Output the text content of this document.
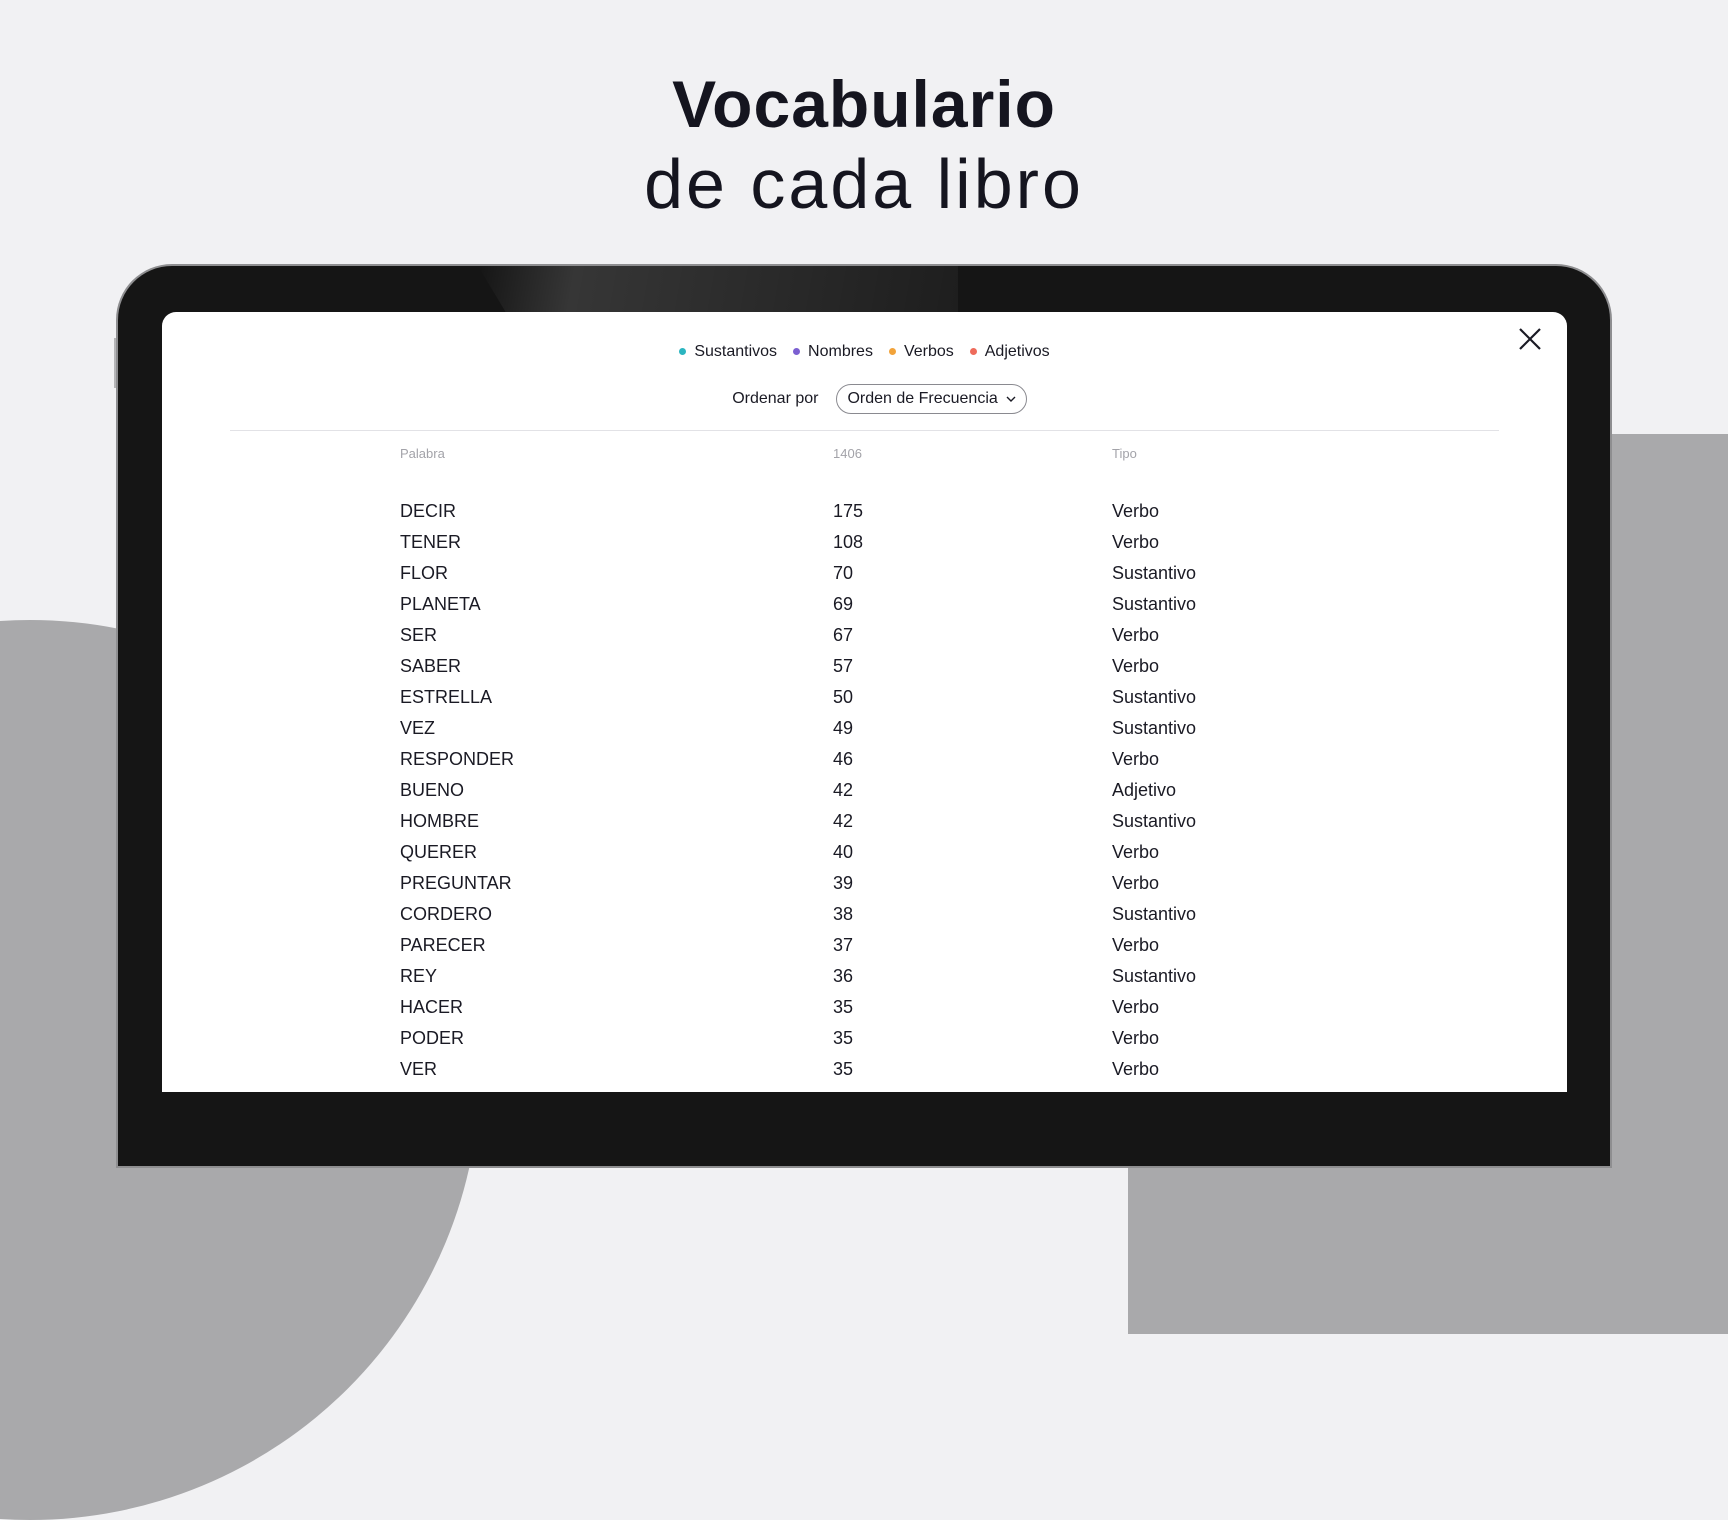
Vocabulario
de cada libro
Sustantivos Nombres Verbos Adjetivos
Ordenar por Orden de Frecuencia
Palabra	1406	Tipo
DECIR	175	Verbo
TENER	108	Verbo
FLOR	70	Sustantivo
PLANETA	69	Sustantivo
SER	67	Verbo
SABER	57	Verbo
ESTRELLA	50	Sustantivo
VEZ	49	Sustantivo
RESPONDER	46	Verbo
BUENO	42	Adjetivo
HOMBRE	42	Sustantivo
QUERER	40	Verbo
PREGUNTAR	39	Verbo
CORDERO	38	Sustantivo
PARECER	37	Verbo
REY	36	Sustantivo
HACER	35	Verbo
PODER	35	Verbo
VER	35	Verbo
